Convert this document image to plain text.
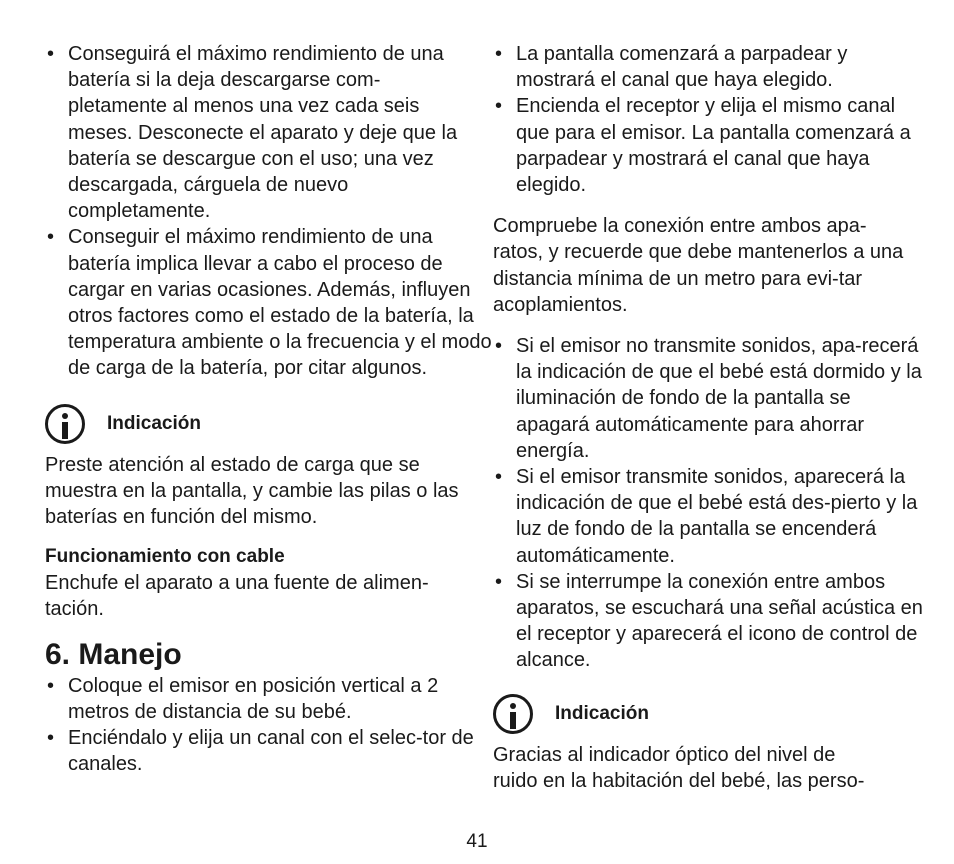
• Conseguirá el máximo rendimiento de una batería si la deja descargarse com-pletamente al menos una vez cada seis meses. Desconecte el aparato y deje que la batería se descargue con el uso; una vez descargada, cárguela de nuevo completamente.
• Conseguir el máximo rendimiento de una batería implica llevar a cabo el proceso de cargar en varias ocasiones. Además, influyen otros factores como el estado de la batería, la temperatura ambiente o la frecuencia y el modo de carga de la batería, por citar algunos.
Indicación

Preste atención al estado de carga que se muestra en la pantalla, y cambie las pilas o las baterías en función del mismo.

Funcionamiento con cable

Enchufe el aparato a una fuente de alimen-tación.

6. Manejo

• Coloque el emisor en posición vertical a 2 metros de distancia de su bebé.
• Enciéndalo y elija un canal con el selec-tor de canales.
• La pantalla comenzará a parpadear y mostrará el canal que haya elegido.
• Encienda el receptor y elija el mismo canal que para el emisor. La pantalla comenzará a parpadear y mostrará el canal que haya elegido.

Compruebe la conexión entre ambos apa-ratos, y recuerde que debe mantenerlos a una distancia mínima de un metro para evi-tar acoplamientos.

• Si el emisor no transmite sonidos, apa-recerá la indicación de que el bebé está dormido y la iluminación de fondo de la pantalla se apagará automáticamente para ahorrar energía.
• Si el emisor transmite sonidos, aparecerá la indicación de que el bebé está des-pierto y la luz de fondo de la pantalla se encenderá automáticamente.
• Si se interrumpe la conexión entre ambos aparatos, se escuchará una señal acústica en el receptor y aparecerá el icono de control de alcance.
Indicación

Gracias al indicador óptico del nivel de ruido en la habitación del bebé, las perso-

41
